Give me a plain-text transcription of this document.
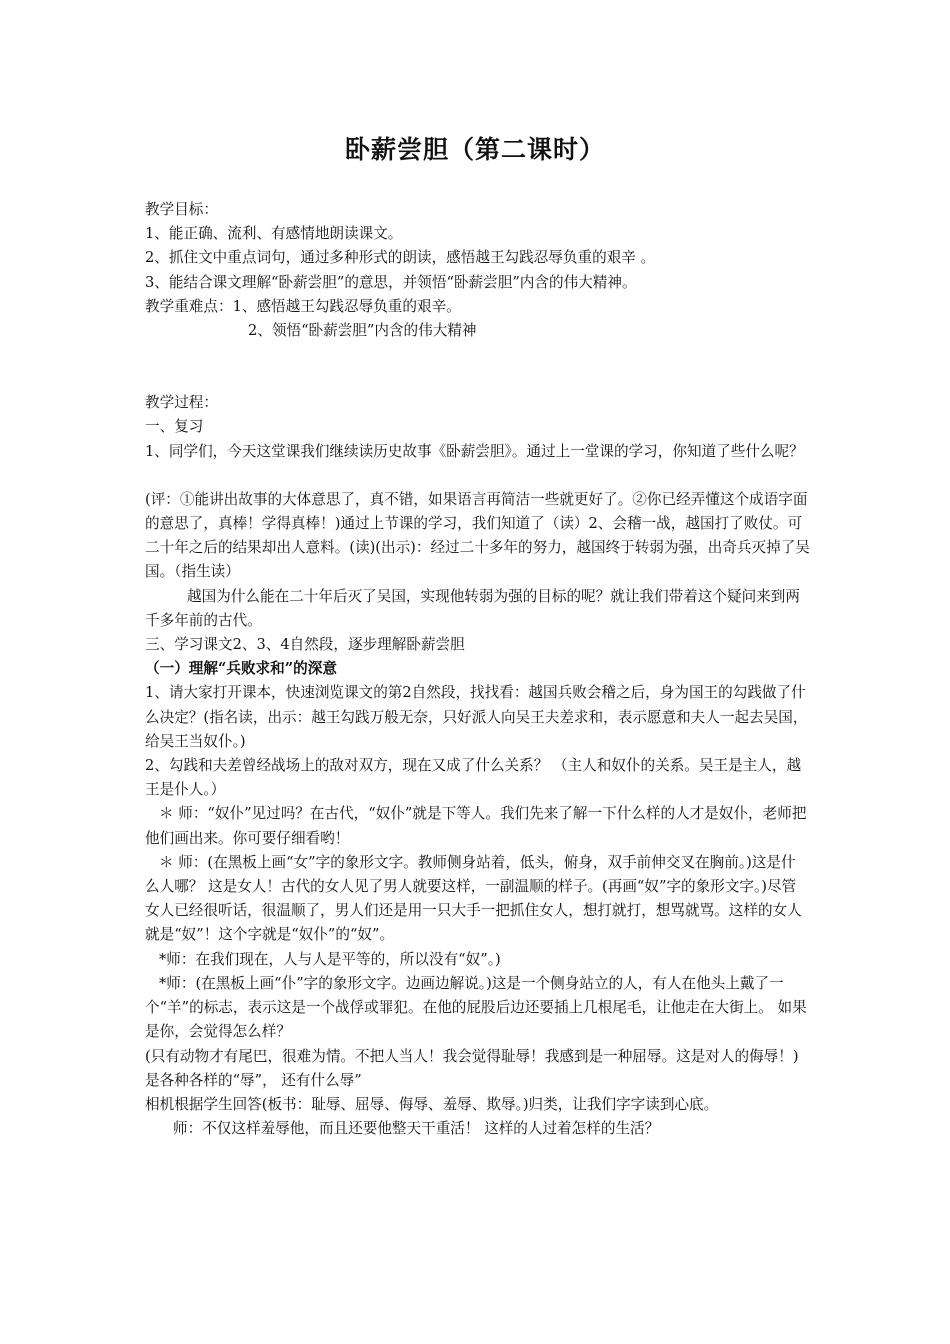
卧薪尝胆（第二课时）

教学目标：

1、能正确、流利、有感情地朗读课文。

2、抓住文中重点词句，通过多种形式的朗读，感悟越王勾践忍辱负重的艰辛 。

3、能结合课文理解“卧薪尝胆”的意思，并领悟“卧薪尝胆”内含的伟大精神。

教学重难点：1、感悟越王勾践忍辱负重的艰辛。

2、领悟“卧薪尝胆”内含的伟大精神

教学过程：

一、复习

1、同学们，今天这堂课我们继续读历史故事《卧薪尝胆》。通过上一堂课的学习，你知道了些什么呢？

(评：①能讲出故事的大体意思了，真不错，如果语言再简洁一些就更好了。②你已经弄懂这个成语字面的意思了，真棒！学得真棒！)通过上节课的学习，我们知道了（读）2、会稽一战，越国打了败仗。可二十年之后的结果却出人意料。(读)(出示)：经过二十多年的努力，越国终于转弱为强，出奇兵灭掉了吴国。（指生读）

越国为什么能在二十年后灭了吴国，实现他转弱为强的目标的呢？就让我们带着这个疑问来到两千多年前的古代。

三、学习课文2、3、4自然段，逐步理解卧薪尝胆

（一）理解“兵败求和”的深意

1、请大家打开课本，快速浏览课文的第2自然段，找找看：越国兵败会稽之后，身为国王的勾践做了什么决定？(指名读，出示：越王勾践万般无奈，只好派人向吴王夫差求和，表示愿意和夫人一起去吴国，给吴王当奴仆。)

2、勾践和夫差曾经战场上的敌对双方，现在又成了什么关系？ （主人和奴仆的关系。吴王是主人，越王是仆人。）

＊ 师：“奴仆”见过吗？在古代，“奴仆”就是下等人。我们先来了解一下什么样的人才是奴仆，老师把他们画出来。你可要仔细看哟！

＊ 师：(在黑板上画“女”字的象形文字。教师侧身站着，低头，俯身，双手前伸交叉在胸前。)这是什么人哪？ 这是女人！古代的女人见了男人就要这样，一副温顺的样子。(再画“奴”字的象形文字。)尽管女人已经很听话，很温顺了，男人们还是用一只大手一把抓住女人，想打就打，想骂就骂。这样的女人就是“奴”！这个字就是“奴仆”的“奴”。

*师：在我们现在，人与人是平等的，所以没有“奴”。)

*师：(在黑板上画“仆”字的象形文字。边画边解说。)这是一个侧身站立的人，有人在他头上戴了一个“羊”的标志，表示这是一个战俘或罪犯。在他的屁股后边还要插上几根尾毛，让他走在大街上。 如果是你，会觉得怎么样？

(只有动物才有尾巴，很难为情。不把人当人！我会觉得耻辱！我感到是一种屈辱。这是对人的侮辱！)是各种各样的“辱”， 还有什么辱”

相机根据学生回答(板书：耻辱、屈辱、侮辱、羞辱、欺辱。)归类，让我们字字读到心底。

师：不仅这样羞辱他，而且还要他整天干重活！ 这样的人过着怎样的生活？
